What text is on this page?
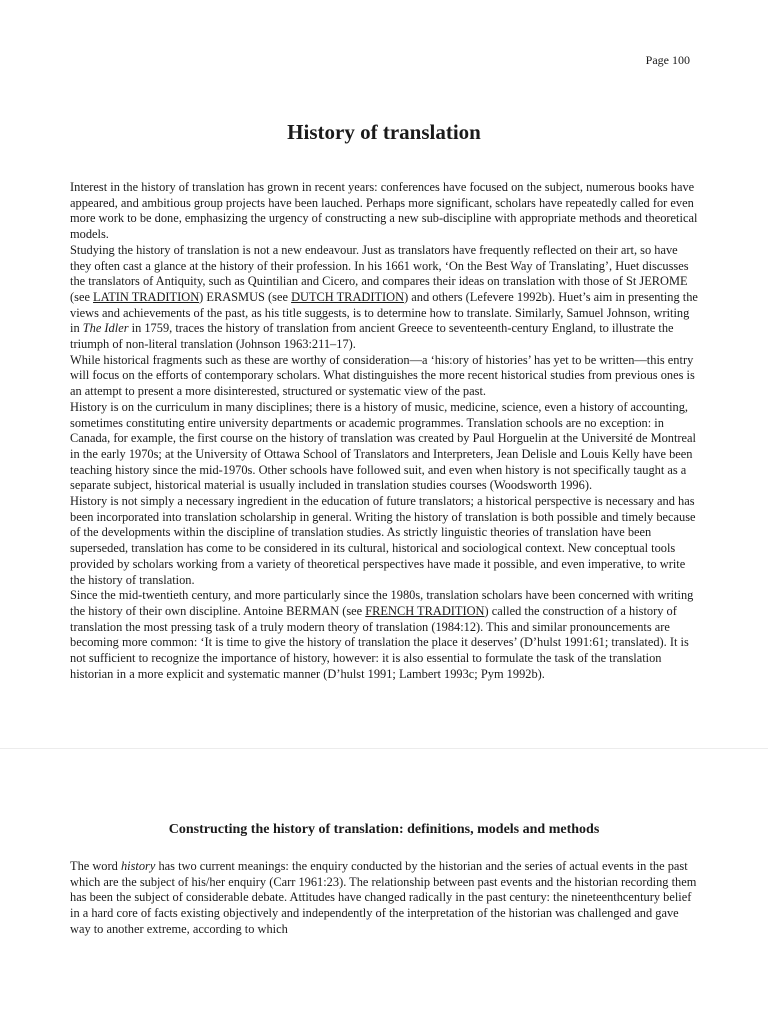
Page 100
History of translation

Interest in the history of translation has grown in recent years: conferences have focused on the subject, numerous books have appeared, and ambitious group projects have been lauched. Perhaps more significant, scholars have repeatedly called for even more work to be done, emphasizing the urgency of constructing a new sub-discipline with appropriate methods and theoretical models.

Studying the history of translation is not a new endeavour. Just as translators have frequently reflected on their art, so have they often cast a glance at the history of their profession. In his 1661 work, ‘On the Best Way of Translating’, Huet discusses the translators of Antiquity, such as Quintilian and Cicero, and compares their ideas on translation with those of St JEROME (see LATIN TRADITION) ERASMUS (see DUTCH TRADITION) and others (Lefevere 1992b). Huet’s aim in presenting the views and achievements of the past, as his title suggests, is to determine how to translate. Similarly, Samuel Johnson, writing in The Idler in 1759, traces the history of translation from ancient Greece to seventeenth-century England, to illustrate the triumph of non-literal translation (Johnson 1963:211–17).

While historical fragments such as these are worthy of consideration—a ‘his:ory of histories’ has yet to be written—this entry will focus on the efforts of contemporary scholars. What distinguishes the more recent historical studies from previous ones is an attempt to present a more disinterested, structured or systematic view of the past.

History is on the curriculum in many disciplines; there is a history of music, medicine, science, even a history of accounting, sometimes constituting entire university departments or academic programmes. Translation schools are no exception: in Canada, for example, the first course on the history of translation was created by Paul Horguelin at the Université de Montreal in the early 1970s; at the University of Ottawa School of Translators and Interpreters, Jean Delisle and Louis Kelly have been teaching history since the mid-1970s. Other schools have followed suit, and even when history is not specifically taught as a separate subject, historical material is usually included in translation studies courses (Woodsworth 1996).

History is not simply a necessary ingredient in the education of future translators; a historical perspective is necessary and has been incorporated into translation scholarship in general. Writing the history of translation is both possible and timely because of the developments within the discipline of translation studies. As strictly linguistic theories of translation have been superseded, translation has come to be considered in its cultural, historical and sociological context. New conceptual tools provided by scholars working from a variety of theoretical perspectives have made it possible, and even imperative, to write the history of translation.

Since the mid-twentieth century, and more particularly since the 1980s, translation scholars have been concerned with writing the history of their own discipline. Antoine BERMAN (see FRENCH TRADITION) called the construction of a history of translation the most pressing task of a truly modern theory of translation (1984:12). This and similar pronouncements are becoming more common: ‘It is time to give the history of translation the place it deserves’ (D’hulst 1991:61; translated). It is not sufficient to recognize the importance of history, however: it is also essential to formulate the task of the translation historian in a more explicit and systematic manner (D’hulst 1991; Lambert 1993c; Pym 1992b).

Constructing the history of translation: definitions, models and methods

The word history has two current meanings: the enquiry conducted by the historian and the series of actual events in the past which are the subject of his/her enquiry (Carr 1961:23). The relationship between past events and the historian recording them has been the subject of considerable debate. Attitudes have changed radically in the past century: the nineteenthcentury belief in a hard core of facts existing objectively and independently of the interpretation of the historian was challenged and gave way to another extreme, according to which
